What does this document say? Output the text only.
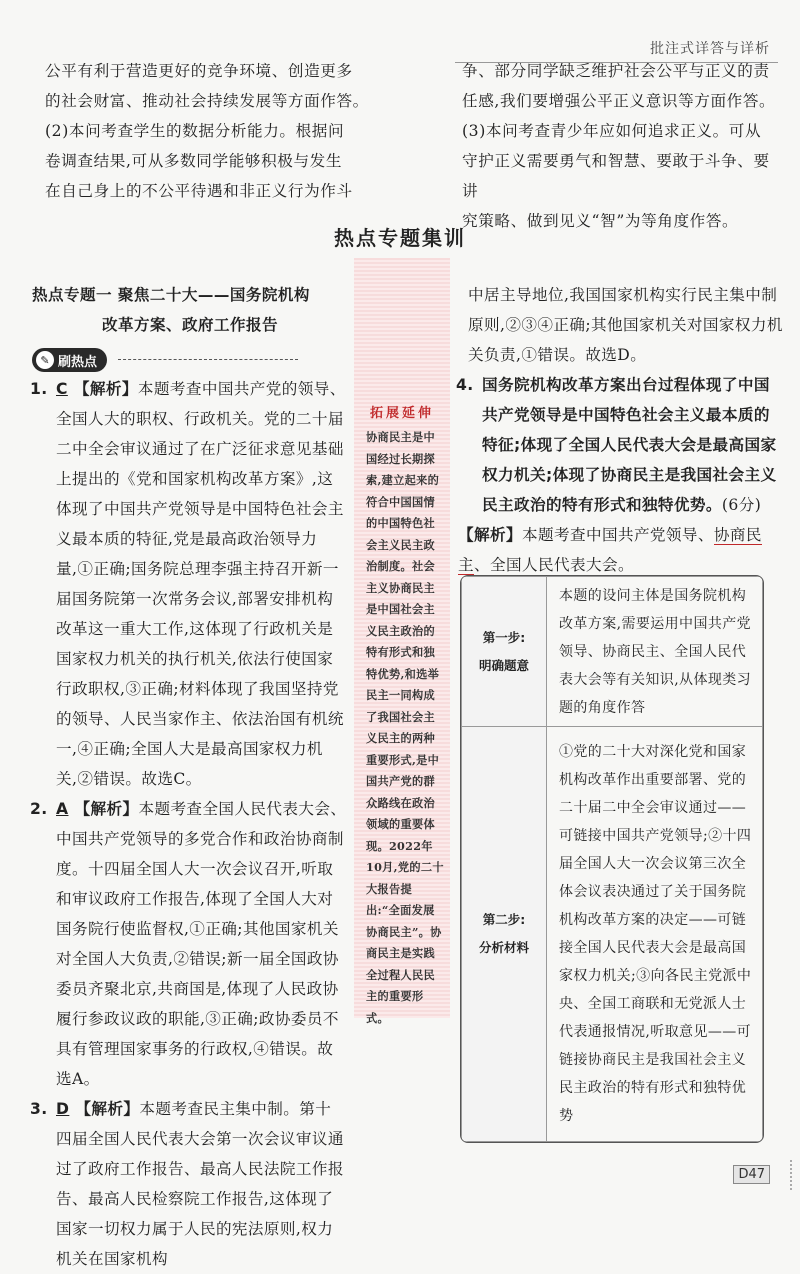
批注式详答与详析
公平有利于营造更好的竞争环境、创造更多
的社会财富、推动社会持续发展等方面作答。
(2)本问考查学生的数据分析能力。根据问
卷调查结果,可从多数同学能够积极与发生
在自己身上的不公平待遇和非正义行为作斗
争、部分同学缺乏维护社会公平与正义的责
任感,我们要增强公平正义意识等方面作答。
(3)本问考查青少年应如何追求正义。可从
守护正义需要勇气和智慧、要敢于斗争、要讲
究策略、做到见义“智”为等角度作答。
热点专题集训
拓展延伸
协商民主是中国经过长期探索,建立起来的符合中国国情的中国特色社会主义民主政治制度。社会主义协商民主是中国社会主义民主政治的特有形式和独特优势,和选举民主一同构成了我国社会主义民主的两种重要形式,是中国共产党的群众路线在政治领域的重要体现。2022年10月,党的二十大报告提出:“全面发展协商民主”。协商民主是实践全过程人民民主的重要形式。
热点专题一 聚焦二十大——国务院机构
改革方案、政府工作报告
✎ 刷热点

1. C 【解析】本题考查中国共产党的领导、全国人大的职权、行政机关。党的二十届二中全会审议通过了在广泛征求意见基础上提出的《党和国家机构改革方案》,这体现了中国共产党领导是中国特色社会主义最本质的特征,党是最高政治领导力量,①正确;国务院总理李强主持召开新一届国务院第一次常务会议,部署安排机构改革这一重大工作,这体现了行政机关是国家权力机关的执行机关,依法行使国家行政职权,③正确;材料体现了我国坚持党的领导、人民当家作主、依法治国有机统一,④正确;全国人大是最高国家权力机关,②错误。故选C。
2. A 【解析】本题考查全国人民代表大会、中国共产党领导的多党合作和政治协商制度。十四届全国人大一次会议召开,听取和审议政府工作报告,体现了全国人大对国务院行使监督权,①正确;其他国家机关对全国人大负责,②错误;新一届全国政协委员齐聚北京,共商国是,体现了人民政协履行参政议政的职能,③正确;政协委员不具有管理国家事务的行政权,④错误。故选A。
3. D 【解析】本题考查民主集中制。第十四届全国人民代表大会第一次会议审议通过了政府工作报告、最高人民法院工作报告、最高人民检察院工作报告,这体现了国家一切权力属于人民的宪法原则,权力机关在国家机构
中居主导地位,我国国家机构实行民主集中制原则,②③④正确;其他国家机关对国家权力机关负责,①错误。故选D。
4. 国务院机构改革方案出台过程体现了中国共产党领导是中国特色社会主义最本质的特征;体现了全国人民代表大会是最高国家权力机关;体现了协商民主是我国社会主义民主政治的特有形式和独特优势。(6分)
【解析】本题考查中国共产党领导、协商民主、全国人民代表大会。
第一步:
明确题意	本题的设问主体是国务院机构改革方案,需要运用中国共产党领导、协商民主、全国人民代表大会等有关知识,从体现类习题的角度作答

第二步:
分析材料	①党的二十大对深化党和国家机构改革作出重要部署、党的二十届二中全会审议通过——可链接中国共产党领导;②十四届全国人大一次会议第三次全体会议表决通过了关于国务院机构改革方案的决定——可链接全国人民代表大会是最高国家权力机关;③向各民主党派中央、全国工商联和无党派人士代表通报情况,听取意见——可链接协商民主是我国社会主义民主政治的特有形式和独特优势
D47
